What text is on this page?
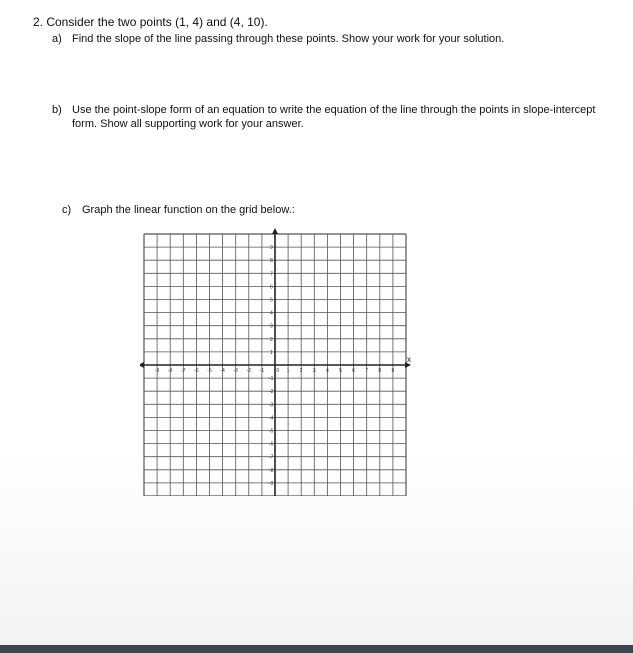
2. Consider the two points (1, 4) and (4, 10).
a) Find the slope of the line passing through these points. Show your work for your solution.
b) Use the point-slope form of an equation to write the equation of the line through the points in slope-intercept
form. Show all supporting work for your answer.
c) Graph the linear function on the grid below.:
x
-9 -8 -7 -6 -5 -4 -3 -2 -1 0 1 2 3 4 5 6 7 8 9
9
8
7
6
5
4
3
2
1
-1
-2
-3
-4
-5
-6
-7
-8
-9
